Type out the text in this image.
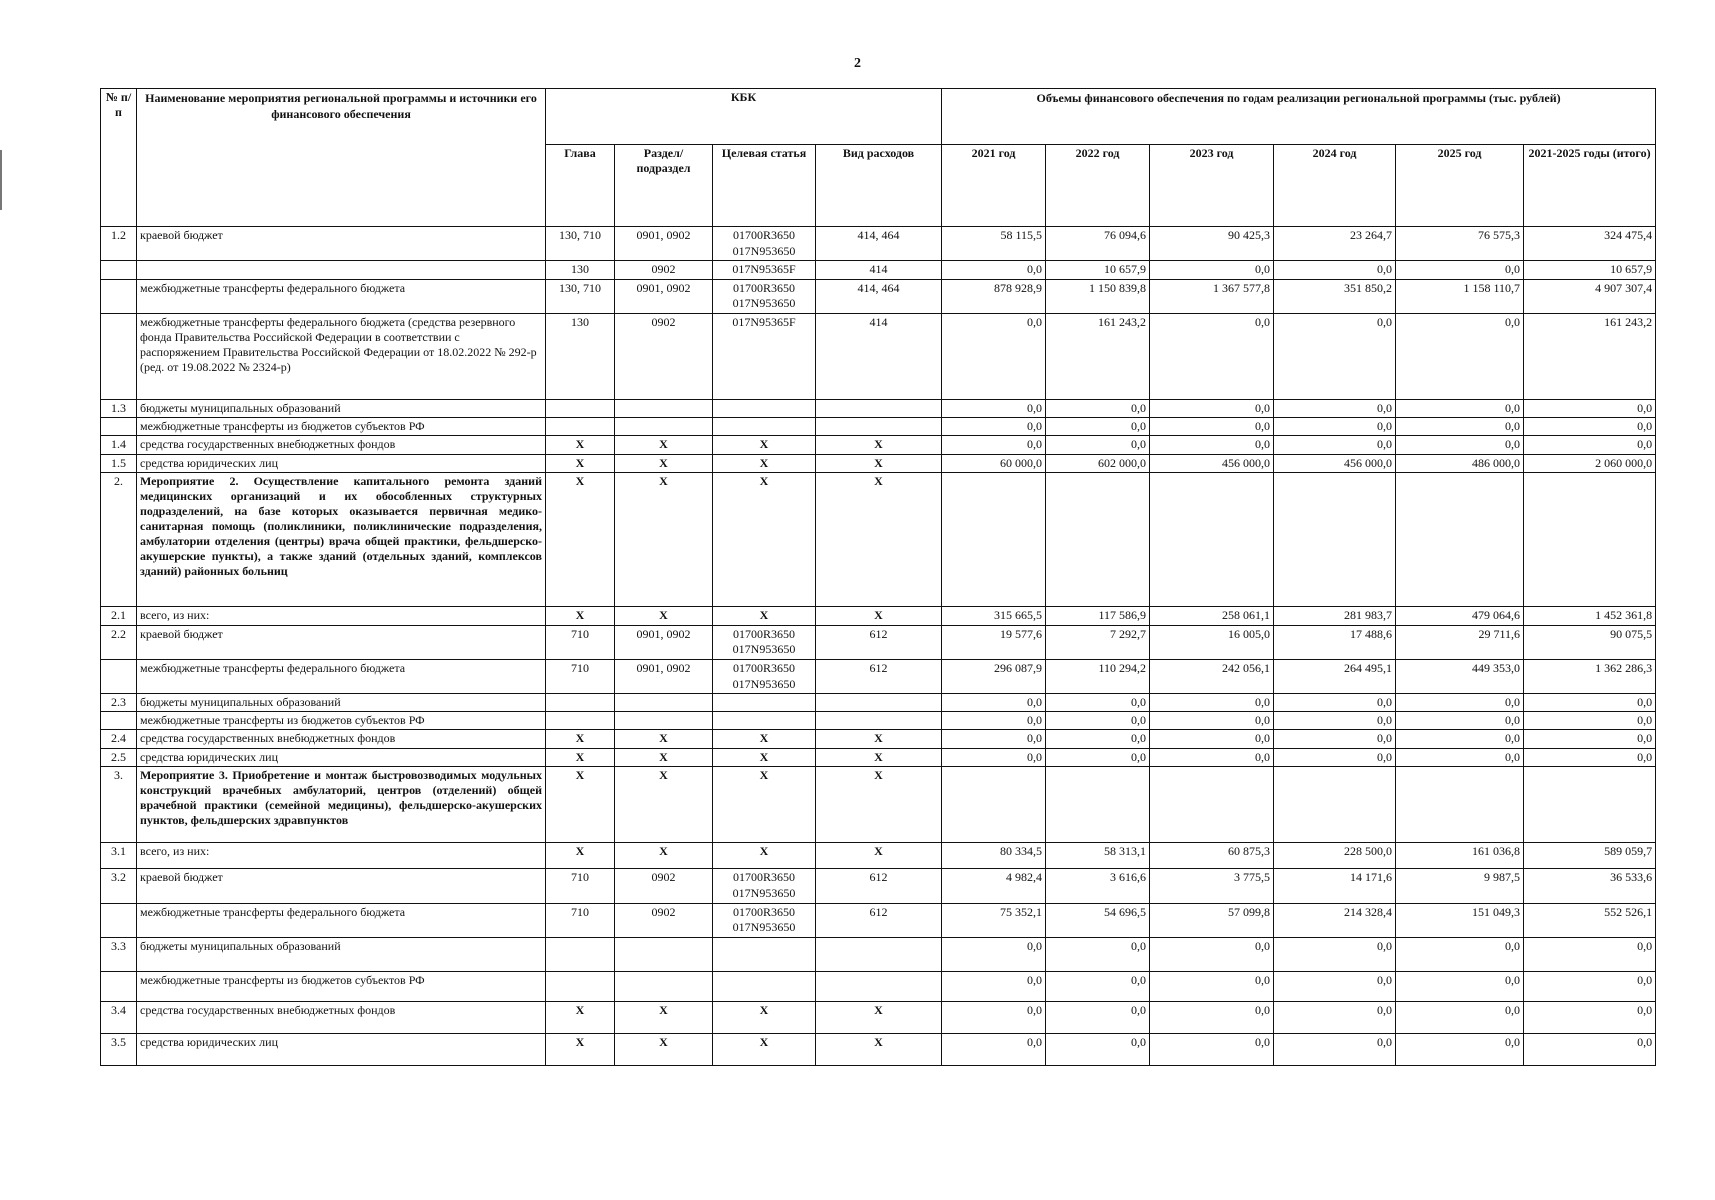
2
№ п/п	Наименование мероприятия региональной программы и источники его финансового обеспечения	КБК				Объемы финансового обеспечения по годам реализации региональной программы (тыс. рублей)					
		Глава	Раздел/ подраздел	Целевая статья	Вид расходов	2021 год	2022 год	2023 год	2024 год	2025 год	2021-2025 годы (итого)
1.2	краевой бюджет	130, 710	0901, 0902	01700R3650 017N953650	414, 464	58 115,5	76 094,6	90 425,3	23 264,7	76 575,3	324 475,4
		130	0902	017N95365F	414	0,0	10 657,9	0,0	0,0	0,0	10 657,9
	межбюджетные трансферты федерального бюджета	130, 710	0901, 0902	01700R3650 017N953650	414, 464	878 928,9	1 150 839,8	1 367 577,8	351 850,2	1 158 110,7	4 907 307,4
	межбюджетные трансферты федерального бюджета (средства резервного фонда Правительства Российской Федерации в соответствии с распоряжением Правительства Российской Федерации от 18.02.2022 № 292-р (ред. от 19.08.2022 № 2324-р)	130	0902	017N95365F	414	0,0	161 243,2	0,0	0,0	0,0	161 243,2
1.3	бюджеты муниципальных образований					0,0	0,0	0,0	0,0	0,0	0,0
	межбюджетные трансферты из бюджетов субъектов РФ					0,0	0,0	0,0	0,0	0,0	0,0
1.4	средства государственных внебюджетных фондов	X	X	X	X	0,0	0,0	0,0	0,0	0,0	0,0
1.5	средства юридических лиц	X	X	X	X	60 000,0	602 000,0	456 000,0	456 000,0	486 000,0	2 060 000,0
2.	Мероприятие 2. Осуществление капитального ремонта зданий медицинских организаций и их обособленных структурных подразделений, на базе которых оказывается первичная медико-санитарная помощь (поликлиники, поликлинические подразделения, амбулатории отделения (центры) врача общей практики, фельдшерско-акушерские пункты), а также зданий (отдельных зданий, комплексов зданий) районных больниц	X	X	X	X						
2.1	всего, из них:	X	X	X	X	315 665,5	117 586,9	258 061,1	281 983,7	479 064,6	1 452 361,8
2.2	краевой бюджет	710	0901, 0902	01700R3650 017N953650	612	19 577,6	7 292,7	16 005,0	17 488,6	29 711,6	90 075,5
	межбюджетные трансферты федерального бюджета	710	0901, 0902	01700R3650 017N953650	612	296 087,9	110 294,2	242 056,1	264 495,1	449 353,0	1 362 286,3
2.3	бюджеты муниципальных образований					0,0	0,0	0,0	0,0	0,0	0,0
	межбюджетные трансферты из бюджетов субъектов РФ					0,0	0,0	0,0	0,0	0,0	0,0
2.4	средства государственных внебюджетных фондов	X	X	X	X	0,0	0,0	0,0	0,0	0,0	0,0
2.5	средства юридических лиц	X	X	X	X	0,0	0,0	0,0	0,0	0,0	0,0
3.	Мероприятие 3. Приобретение и монтаж быстровозводимых модульных конструкций врачебных амбулаторий, центров (отделений) общей врачебной практики (семейной медицины), фельдшерско-акушерских пунктов, фельдшерских здравпунктов	X	X	X	X						
3.1	всего, из них:	X	X	X	X	80 334,5	58 313,1	60 875,3	228 500,0	161 036,8	589 059,7
3.2	краевой бюджет	710	0902	01700R3650 017N953650	612	4 982,4	3 616,6	3 775,5	14 171,6	9 987,5	36 533,6
	межбюджетные трансферты федерального бюджета	710	0902	01700R3650 017N953650	612	75 352,1	54 696,5	57 099,8	214 328,4	151 049,3	552 526,1
3.3	бюджеты муниципальных образований					0,0	0,0	0,0	0,0	0,0	0,0
	межбюджетные трансферты из бюджетов субъектов РФ					0,0	0,0	0,0	0,0	0,0	0,0
3.4	средства государственных внебюджетных фондов	X	X	X	X	0,0	0,0	0,0	0,0	0,0	0,0
3.5	средства юридических лиц	X	X	X	X	0,0	0,0	0,0	0,0	0,0	0,0
